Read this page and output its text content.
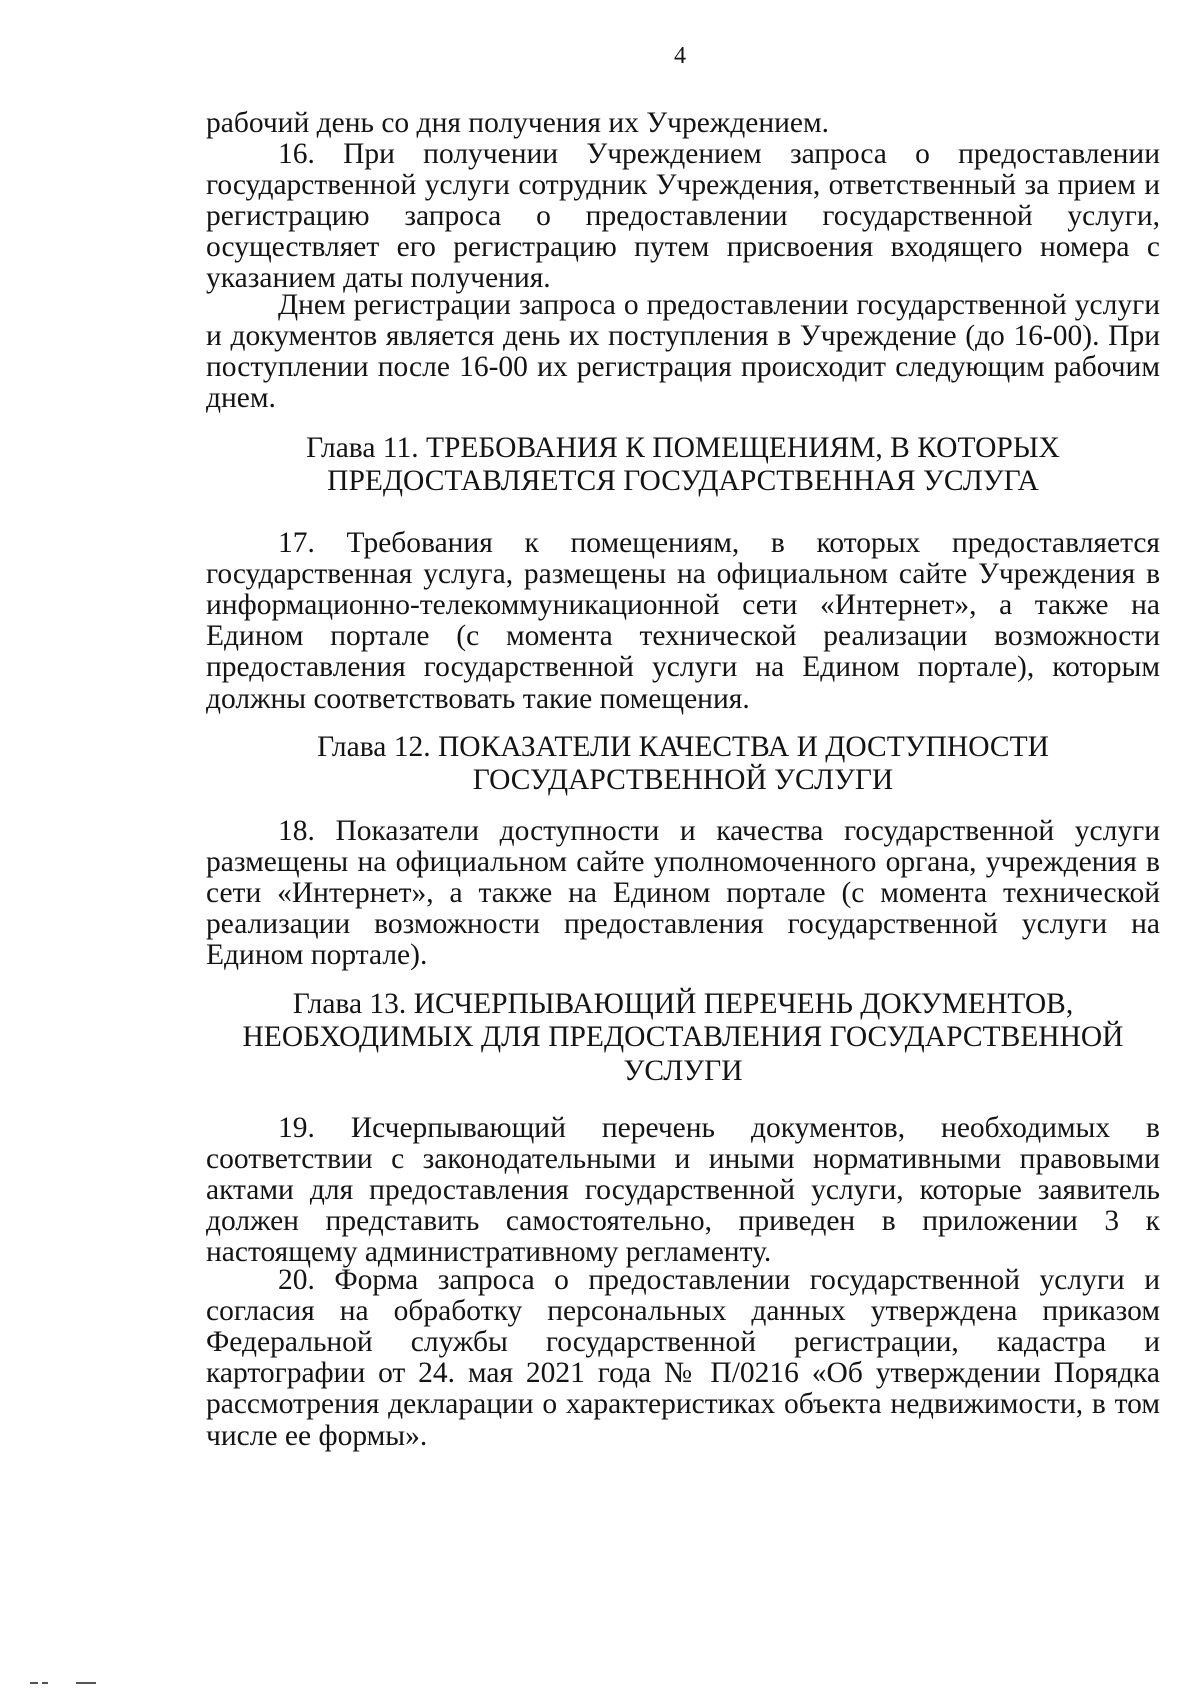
4

рабочий день со дня получения их Учреждением.

16. При получении Учреждением запроса о предоставлении государственной услуги сотрудник Учреждения, ответственный за прием и регистрацию запроса о предоставлении государственной услуги, осуществляет его регистрацию путем присвоения входящего номера с указанием даты получения.

Днем регистрации запроса о предоставлении государственной услуги и документов является день их поступления в Учреждение (до 16-00). При поступлении после 16-00 их регистрация происходит следующим рабочим днем.

Глава 11. ТРЕБОВАНИЯ К ПОМЕЩЕНИЯМ, В КОТОРЫХ
ПРЕДОСТАВЛЯЕТСЯ ГОСУДАРСТВЕННАЯ УСЛУГА

17. Требования к помещениям, в которых предоставляется государственная услуга, размещены на официальном сайте Учреждения в информационно-телекоммуникационной сети «Интернет», а также на Едином портале (с момента технической реализации возможности предоставления государственной услуги на Едином портале), которым должны соответствовать такие помещения.

Глава 12. ПОКАЗАТЕЛИ КАЧЕСТВА И ДОСТУПНОСТИ
ГОСУДАРСТВЕННОЙ УСЛУГИ

18. Показатели доступности и качества государственной услуги размещены на официальном сайте уполномоченного органа, учреждения в сети «Интернет», а также на Едином портале (с момента технической реализации возможности предоставления государственной услуги на Едином портале).

Глава 13. ИСЧЕРПЫВАЮЩИЙ ПЕРЕЧЕНЬ ДОКУМЕНТОВ,
НЕОБХОДИМЫХ ДЛЯ ПРЕДОСТАВЛЕНИЯ ГОСУДАРСТВЕННОЙ
УСЛУГИ

19. Исчерпывающий перечень документов, необходимых в соответствии с законодательными и иными нормативными правовыми актами для предоставления государственной услуги, которые заявитель должен представить самостоятельно, приведен в приложении 3 к настоящему административному регламенту.

20. Форма запроса о предоставлении государственной услуги и согласия на обработку персональных данных утверждена приказом Федеральной службы государственной регистрации, кадастра и картографии от 24. мая 2021 года № П/0216 «Об утверждении Порядка рассмотрения декларации о характеристиках объекта недвижимости, в том числе ее формы».
